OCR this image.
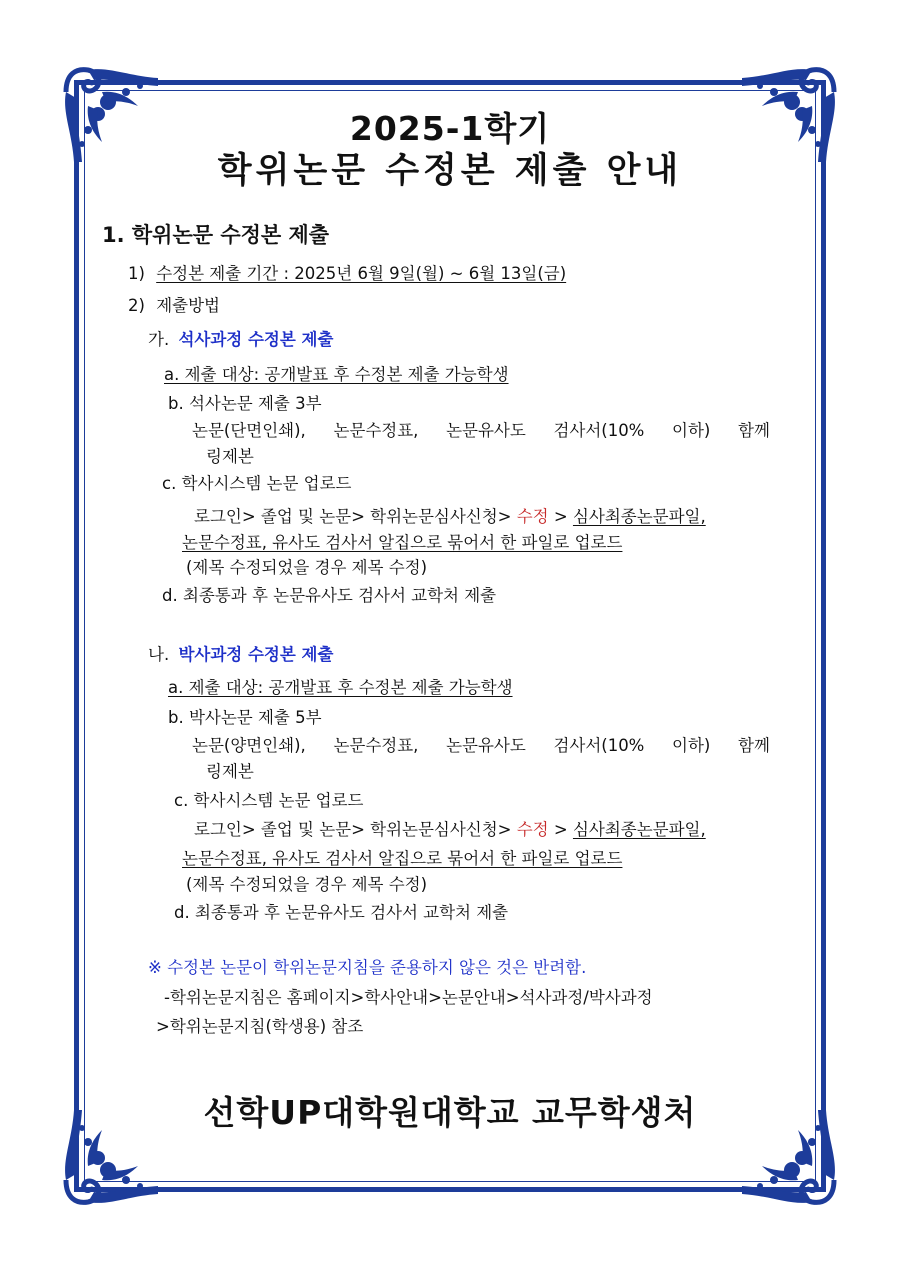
2025-1학기
학위논문 수정본 제출 안내
1. 학위논문 수정본 제출
1) 수정본 제출 기간 : 2025년 6월 9일(월) ~ 6월 13일(금)
2) 제출방법
가. 석사과정 수정본 제출
a. 제출 대상: 공개발표 후 수정본 제출 가능학생
b. 석사논문 제출 3부
논문(단면인쇄), 논문수정표, 논문유사도 검사서(10% 이하) 함께
링제본
c. 학사시스템 논문 업로드
로그인> 졸업 및 논문> 학위논문심사신청> 수정 > 심사최종논문파일,
논문수정표, 유사도 검사서 알집으로 묶어서 한 파일로 업로드
(제목 수정되었을 경우 제목 수정)
d. 최종통과 후 논문유사도 검사서 교학처 제출
나. 박사과정 수정본 제출
a. 제출 대상: 공개발표 후 수정본 제출 가능학생
b. 박사논문 제출 5부
논문(양면인쇄), 논문수정표, 논문유사도 검사서(10% 이하) 함께
링제본
c. 학사시스템 논문 업로드
로그인> 졸업 및 논문> 학위논문심사신청> 수정 > 심사최종논문파일,
논문수정표, 유사도 검사서 알집으로 묶어서 한 파일로 업로드
(제목 수정되었을 경우 제목 수정)
d. 최종통과 후 논문유사도 검사서 교학처 제출
※ 수정본 논문이 학위논문지침을 준용하지 않은 것은 반려함.
-학위논문지침은 홈페이지>학사안내>논문안내>석사과정/박사과정
>학위논문지침(학생용) 참조
선학UP대학원대학교 교무학생처
